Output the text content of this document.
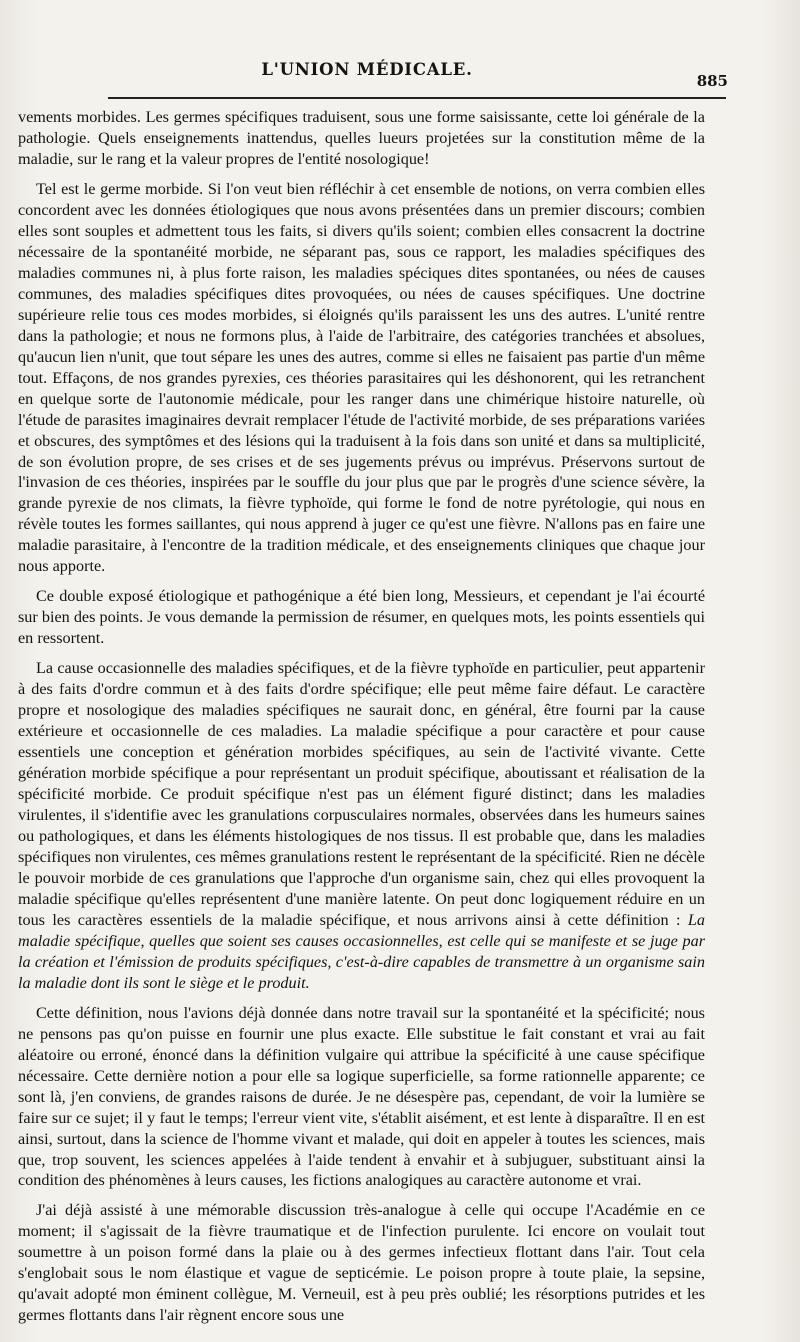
L'UNION MÉDICALE.
885

vements morbides. Les germes spécifiques traduisent, sous une forme saisissante, cette loi générale de la pathologie. Quels enseignements inattendus, quelles lueurs projetées sur la constitution même de la maladie, sur le rang et la valeur propres de l'entité nosologique!

Tel est le germe morbide. Si l'on veut bien réfléchir à cet ensemble de notions, on verra combien elles concordent avec les données étiologiques que nous avons présentées dans un premier discours; combien elles sont souples et admettent tous les faits, si divers qu'ils soient; combien elles consacrent la doctrine nécessaire de la spontanéité morbide, ne séparant pas, sous ce rapport, les maladies spécifiques des maladies communes ni, à plus forte raison, les maladies spéciques dites spontanées, ou nées de causes communes, des maladies spécifiques dites provoquées, ou nées de causes spécifiques. Une doctrine supérieure relie tous ces modes morbides, si éloignés qu'ils paraissent les uns des autres. L'unité rentre dans la pathologie; et nous ne formons plus, à l'aide de l'arbitraire, des catégories tranchées et absolues, qu'aucun lien n'unit, que tout sépare les unes des autres, comme si elles ne faisaient pas partie d'un même tout. Effaçons, de nos grandes pyrexies, ces théories parasitaires qui les déshonorent, qui les retranchent en quelque sorte de l'autonomie médicale, pour les ranger dans une chimérique histoire naturelle, où l'étude de parasites imaginaires devrait remplacer l'étude de l'activité morbide, de ses préparations variées et obscures, des symptômes et des lésions qui la traduisent à la fois dans son unité et dans sa multiplicité, de son évolution propre, de ses crises et de ses jugements prévus ou imprévus. Préservons surtout de l'invasion de ces théories, inspirées par le souffle du jour plus que par le progrès d'une science sévère, la grande pyrexie de nos climats, la fièvre typhoïde, qui forme le fond de notre pyrétologie, qui nous en révèle toutes les formes saillantes, qui nous apprend à juger ce qu'est une fièvre. N'allons pas en faire une maladie parasitaire, à l'encontre de la tradition médicale, et des enseignements cliniques que chaque jour nous apporte.

Ce double exposé étiologique et pathogénique a été bien long, Messieurs, et cependant je l'ai écourté sur bien des points. Je vous demande la permission de résumer, en quelques mots, les points essentiels qui en ressortent.

La cause occasionnelle des maladies spécifiques, et de la fièvre typhoïde en particulier, peut appartenir à des faits d'ordre commun et à des faits d'ordre spécifique; elle peut même faire défaut. Le caractère propre et nosologique des maladies spécifiques ne saurait donc, en général, être fourni par la cause extérieure et occasionnelle de ces maladies. La maladie spécifique a pour caractère et pour cause essentiels une conception et génération morbides spécifiques, au sein de l'activité vivante. Cette génération morbide spécifique a pour représentant un produit spécifique, aboutissant et réalisation de la spécificité morbide. Ce produit spécifique n'est pas un élément figuré distinct; dans les maladies virulentes, il s'identifie avec les granulations corpusculaires normales, observées dans les humeurs saines ou pathologiques, et dans les éléments histologiques de nos tissus. Il est probable que, dans les maladies spécifiques non virulentes, ces mêmes granulations restent le représentant de la spécificité. Rien ne décèle le pouvoir morbide de ces granulations que l'approche d'un organisme sain, chez qui elles provoquent la maladie spécifique qu'elles représentent d'une manière latente. On peut donc logiquement réduire en un tous les caractères essentiels de la maladie spécifique, et nous arrivons ainsi à cette définition : La maladie spécifique, quelles que soient ses causes occasionnelles, est celle qui se manifeste et se juge par la création et l'émission de produits spécifiques, c'est-à-dire capables de transmettre à un organisme sain la maladie dont ils sont le siège et le produit.

Cette définition, nous l'avions déjà donnée dans notre travail sur la spontanéité et la spécificité; nous ne pensons pas qu'on puisse en fournir une plus exacte. Elle substitue le fait constant et vrai au fait aléatoire ou erroné, énoncé dans la définition vulgaire qui attribue la spécificité à une cause spécifique nécessaire. Cette dernière notion a pour elle sa logique superficielle, sa forme rationnelle apparente; ce sont là, j'en conviens, de grandes raisons de durée. Je ne désespère pas, cependant, de voir la lumière se faire sur ce sujet; il y faut le temps; l'erreur vient vite, s'établit aisément, et est lente à disparaître. Il en est ainsi, surtout, dans la science de l'homme vivant et malade, qui doit en appeler à toutes les sciences, mais que, trop souvent, les sciences appelées à l'aide tendent à envahir et à subjuguer, substituant ainsi la condition des phénomènes à leurs causes, les fictions analogiques au caractère autonome et vrai.

J'ai déjà assisté à une mémorable discussion très-analogue à celle qui occupe l'Académie en ce moment; il s'agissait de la fièvre traumatique et de l'infection purulente. Ici encore on voulait tout soumettre à un poison formé dans la plaie ou à des germes infectieux flottant dans l'air. Tout cela s'englobait sous le nom élastique et vague de septicémie. Le poison propre à toute plaie, la sepsine, qu'avait adopté mon éminent collègue, M. Verneuil, est à peu près oublié; les résorptions putrides et les germes flottants dans l'air règnent encore sous une
